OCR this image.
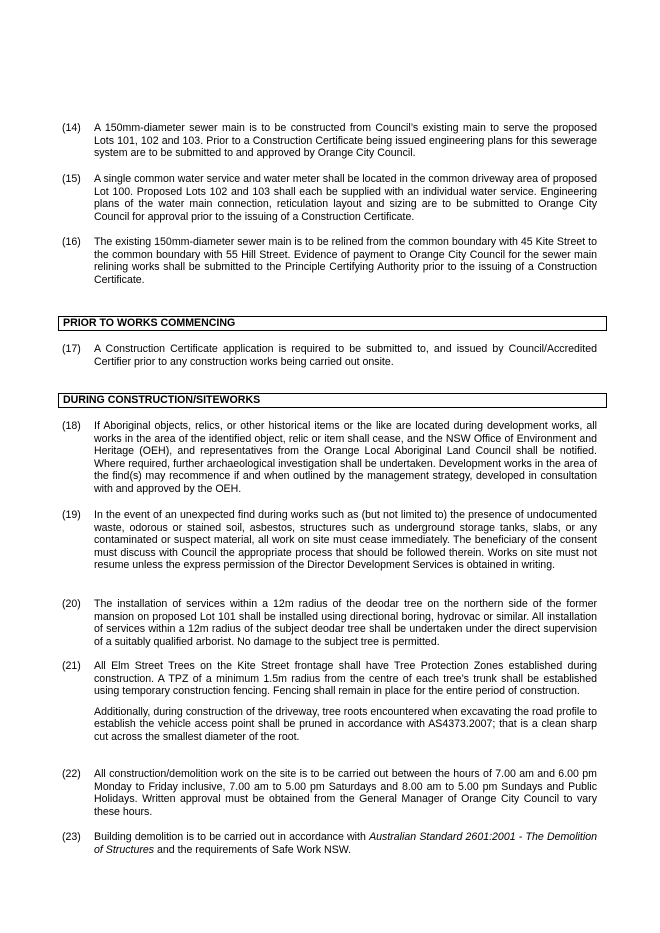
(14)	A 150mm-diameter sewer main is to be constructed from Council’s existing main to serve the proposed Lots 101, 102 and 103. Prior to a Construction Certificate being issued engineering plans for this sewerage system are to be submitted to and approved by Orange City Council.

(15)	A single common water service and water meter shall be located in the common driveway area of proposed Lot 100. Proposed Lots 102 and 103 shall each be supplied with an individual water service. Engineering plans of the water main connection, reticulation layout and sizing are to be submitted to Orange City Council for approval prior to the issuing of a Construction Certificate.

(16)	The existing 150mm-diameter sewer main is to be relined from the common boundary with 45 Kite Street to the common boundary with 55 Hill Street. Evidence of payment to Orange City Council for the sewer main relining works shall be submitted to the Principle Certifying Authority prior to the issuing of a Construction Certificate.

PRIOR TO WORKS COMMENCING
(17)	A Construction Certificate application is required to be submitted to, and issued by Council/Accredited Certifier prior to any construction works being carried out onsite.

DURING CONSTRUCTION/SITEWORKS
(18)	If Aboriginal objects, relics, or other historical items or the like are located during development works, all works in the area of the identified object, relic or item shall cease, and the NSW Office of Environment and Heritage (OEH), and representatives from the Orange Local Aboriginal Land Council shall be notified. Where required, further archaeological investigation shall be undertaken. Development works in the area of the find(s) may recommence if and when outlined by the management strategy, developed in consultation with and approved by the OEH.

(19)	In the event of an unexpected find during works such as (but not limited to) the presence of undocumented waste, odorous or stained soil, asbestos, structures such as underground storage tanks, slabs, or any contaminated or suspect material, all work on site must cease immediately. The beneficiary of the consent must discuss with Council the appropriate process that should be followed therein. Works on site must not resume unless the express permission of the Director Development Services is obtained in writing.

(20)	The installation of services within a 12m radius of the deodar tree on the northern side of the former mansion on proposed Lot 101 shall be installed using directional boring, hydrovac or similar. All installation of services within a 12m radius of the subject deodar tree shall be undertaken under the direct supervision of a suitably qualified arborist. No damage to the subject tree is permitted.

(21)	All Elm Street Trees on the Kite Street frontage shall have Tree Protection Zones established during construction. A TPZ of a minimum 1.5m radius from the centre of each tree’s trunk shall be established using temporary construction fencing. Fencing shall remain in place for the entire period of construction.

Additionally, during construction of the driveway, tree roots encountered when excavating the road profile to establish the vehicle access point shall be pruned in accordance with AS4373.2007; that is a clean sharp cut across the smallest diameter of the root.

(22)	All construction/demolition work on the site is to be carried out between the hours of 7.00 am and 6.00 pm Monday to Friday inclusive, 7.00 am to 5.00 pm Saturdays and 8.00 am to 5.00 pm Sundays and Public Holidays. Written approval must be obtained from the General Manager of Orange City Council to vary these hours.

(23)	Building demolition is to be carried out in accordance with Australian Standard 2601:2001 - The Demolition of Structures and the requirements of Safe Work NSW.
